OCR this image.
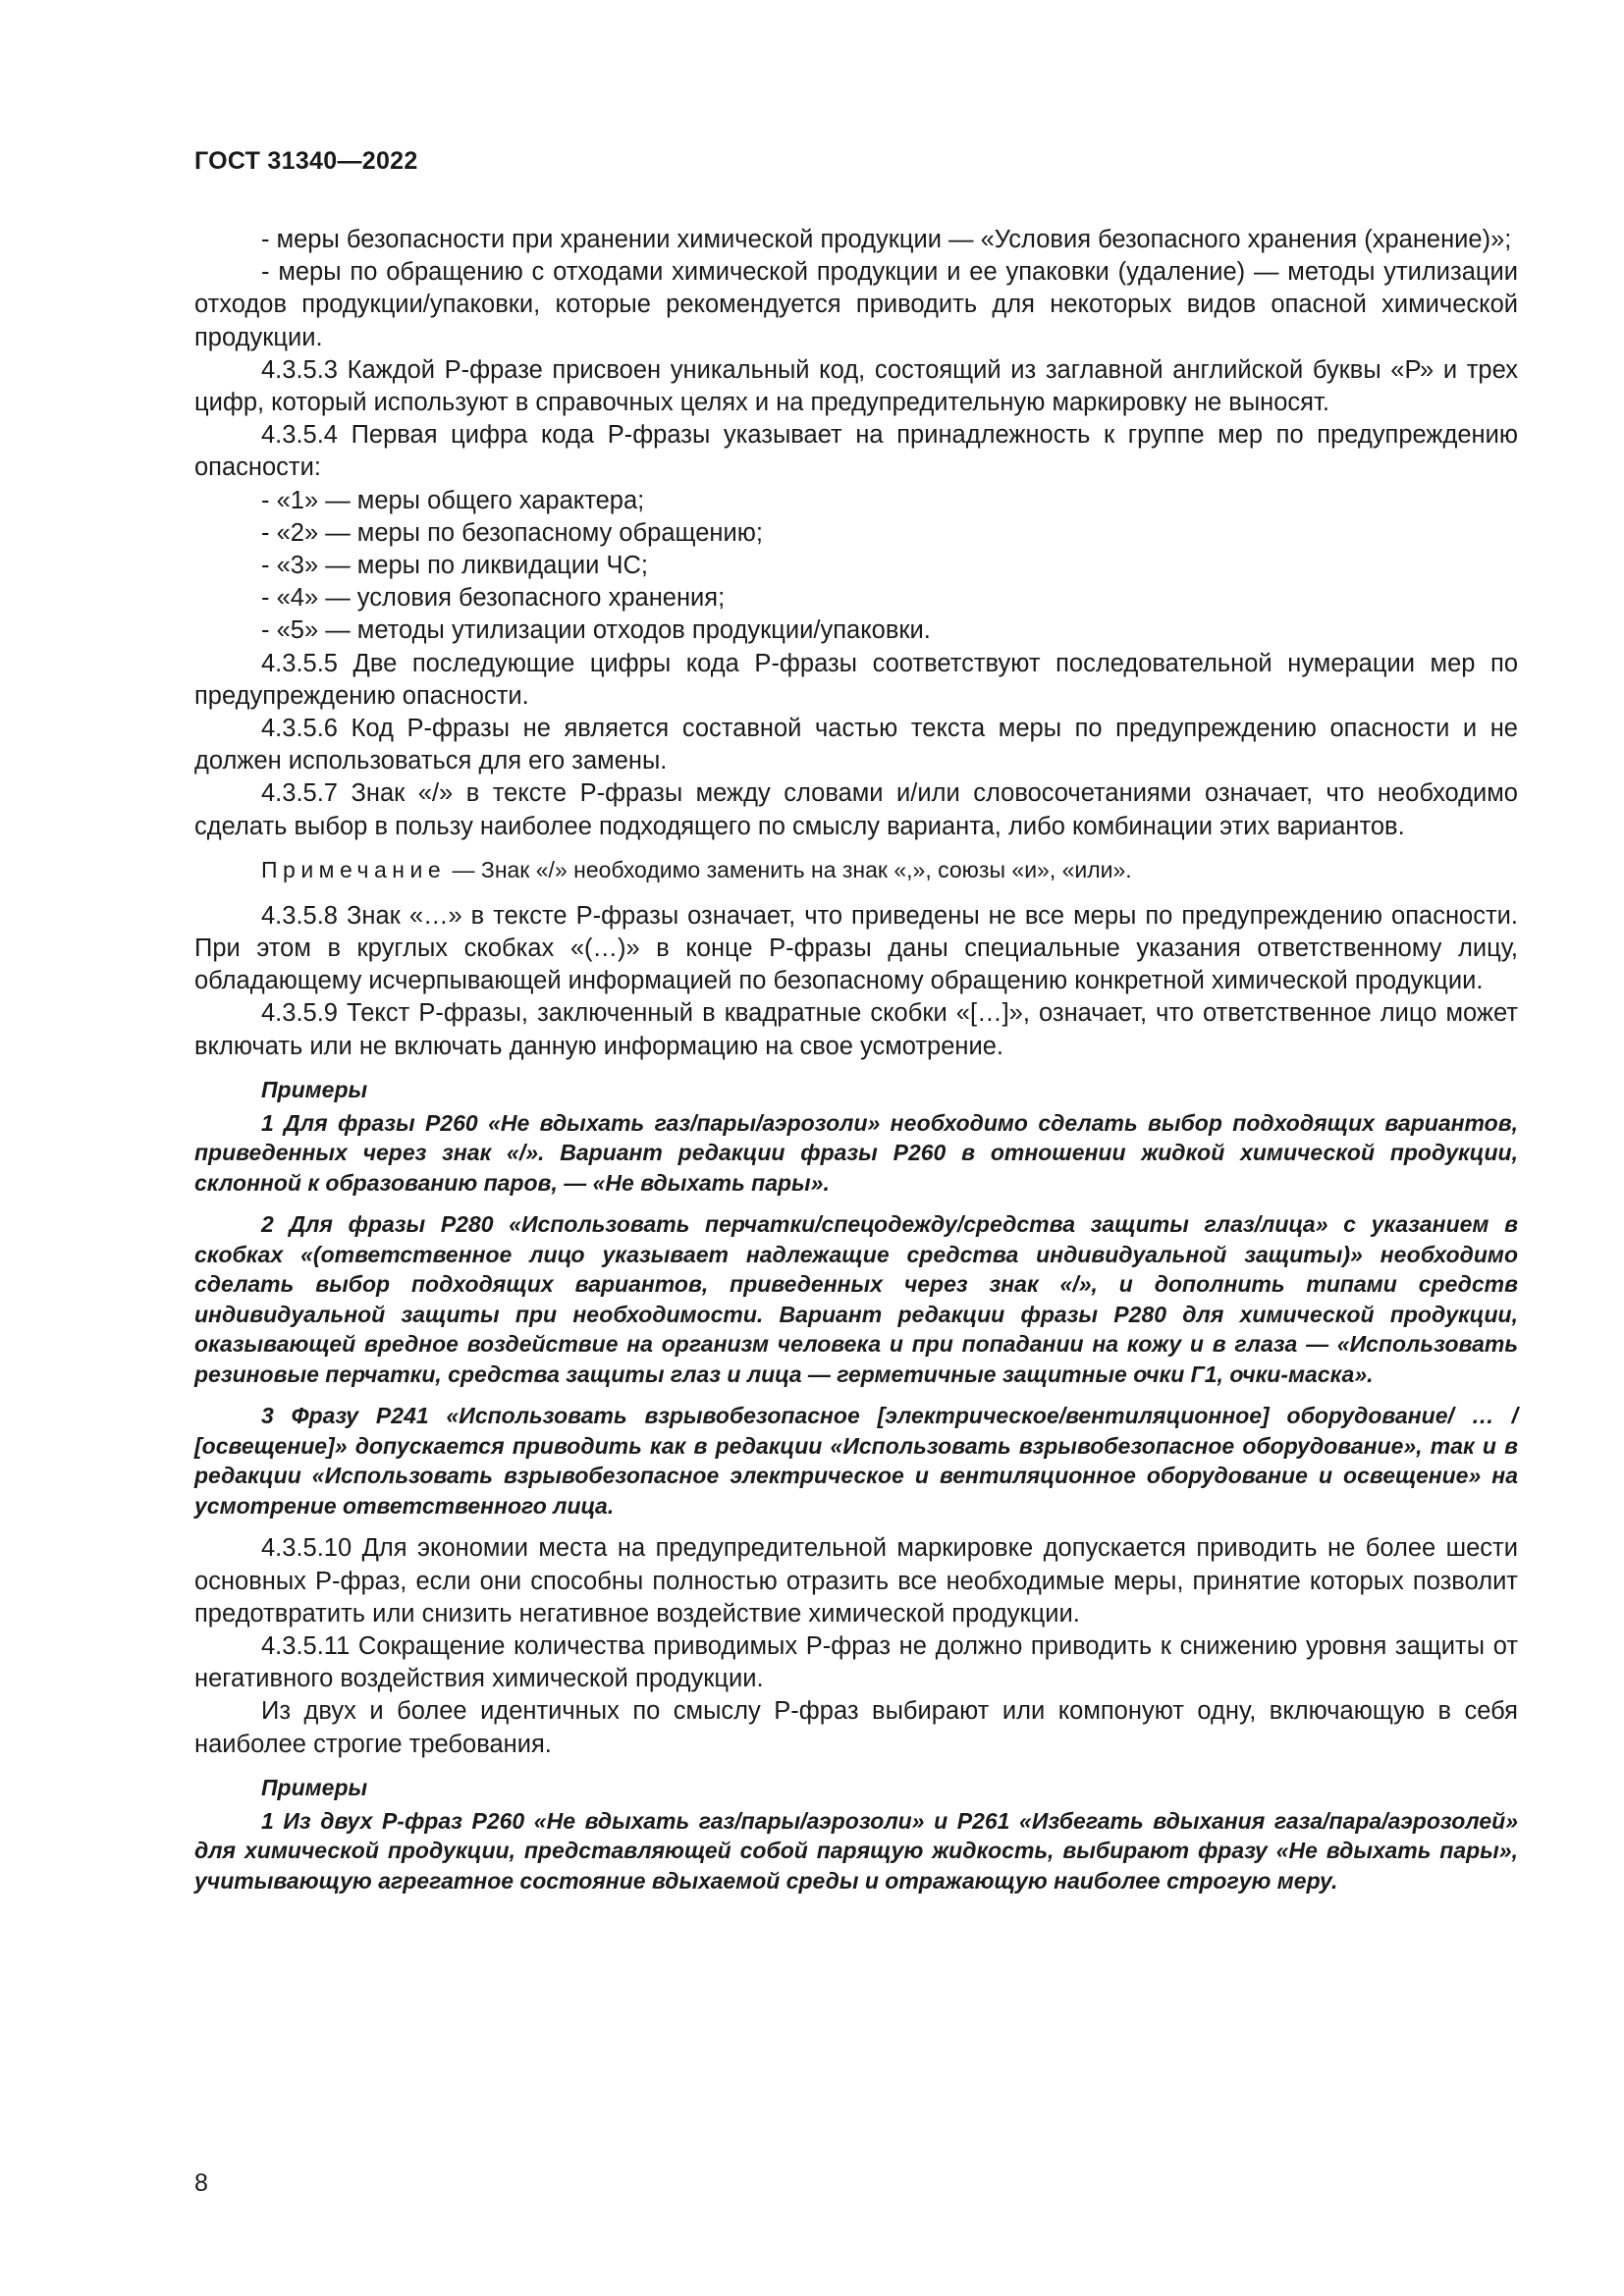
ГОСТ 31340—2022

- меры безопасности при хранении химической продукции — «Условия безопасного хранения (хранение)»;

- меры по обращению с отходами химической продукции и ее упаковки (удаление) — методы утилизации отходов продукции/упаковки, которые рекомендуется приводить для некоторых видов опасной химической продукции.

4.3.5.3 Каждой Р-фразе присвоен уникальный код, состоящий из заглавной английской буквы «Р» и трех цифр, который используют в справочных целях и на предупредительную маркировку не выносят.

4.3.5.4 Первая цифра кода Р-фразы указывает на принадлежность к группе мер по предупреждению опасности:

- «1» — меры общего характера;

- «2» — меры по безопасному обращению;

- «3» — меры по ликвидации ЧС;

- «4» — условия безопасного хранения;

- «5» — методы утилизации отходов продукции/упаковки.

4.3.5.5 Две последующие цифры кода Р-фразы соответствуют последовательной нумерации мер по предупреждению опасности.

4.3.5.6 Код Р-фразы не является составной частью текста меры по предупреждению опасности и не должен использоваться для его замены.

4.3.5.7 Знак «/» в тексте Р-фразы между словами и/или словосочетаниями означает, что необходимо сделать выбор в пользу наиболее подходящего по смыслу варианта, либо комбинации этих вариантов.

Примечание — Знак «/» необходимо заменить на знак «,», союзы «и», «или».

4.3.5.8 Знак «…» в тексте Р-фразы означает, что приведены не все меры по предупреждению опасности. При этом в круглых скобках «(…)» в конце Р-фразы даны специальные указания ответственному лицу, обладающему исчерпывающей информацией по безопасному обращению конкретной химической продукции.

4.3.5.9 Текст Р-фразы, заключенный в квадратные скобки «[…]», означает, что ответственное лицо может включать или не включать данную информацию на свое усмотрение.

Примеры

1 Для фразы Р260 «Не вдыхать газ/пары/аэрозоли» необходимо сделать выбор подходящих вариантов, приведенных через знак «/». Вариант редакции фразы Р260 в отношении жидкой химической продукции, склонной к образованию паров, — «Не вдыхать пары».

2 Для фразы Р280 «Использовать перчатки/спецодежду/средства защиты глаз/лица» с указанием в скобках «(ответственное лицо указывает надлежащие средства индивидуальной защиты)» необходимо сделать выбор подходящих вариантов, приведенных через знак «/», и дополнить типами средств индивидуальной защиты при необходимости. Вариант редакции фразы Р280 для химической продукции, оказывающей вредное воздействие на организм человека и при попадании на кожу и в глаза — «Использовать резиновые перчатки, средства защиты глаз и лица — герметичные защитные очки Г1, очки-маска».

3 Фразу Р241 «Использовать взрывобезопасное [электрическое/вентиляционное] оборудование/ … / [освещение]» допускается приводить как в редакции «Использовать взрывобезопасное оборудование», так и в редакции «Использовать взрывобезопасное электрическое и вентиляционное оборудование и освещение» на усмотрение ответственного лица.

4.3.5.10 Для экономии места на предупредительной маркировке допускается приводить не более шести основных Р-фраз, если они способны полностью отразить все необходимые меры, принятие которых позволит предотвратить или снизить негативное воздействие химической продукции.

4.3.5.11 Сокращение количества приводимых Р-фраз не должно приводить к снижению уровня защиты от негативного воздействия химической продукции.

Из двух и более идентичных по смыслу Р-фраз выбирают или компонуют одну, включающую в себя наиболее строгие требования.

Примеры

1 Из двух Р-фраз Р260 «Не вдыхать газ/пары/аэрозоли» и Р261 «Избегать вдыхания газа/пара/аэрозолей» для химической продукции, представляющей собой парящую жидкость, выбирают фразу «Не вдыхать пары», учитывающую агрегатное состояние вдыхаемой среды и отражающую наиболее строгую меру.

8
